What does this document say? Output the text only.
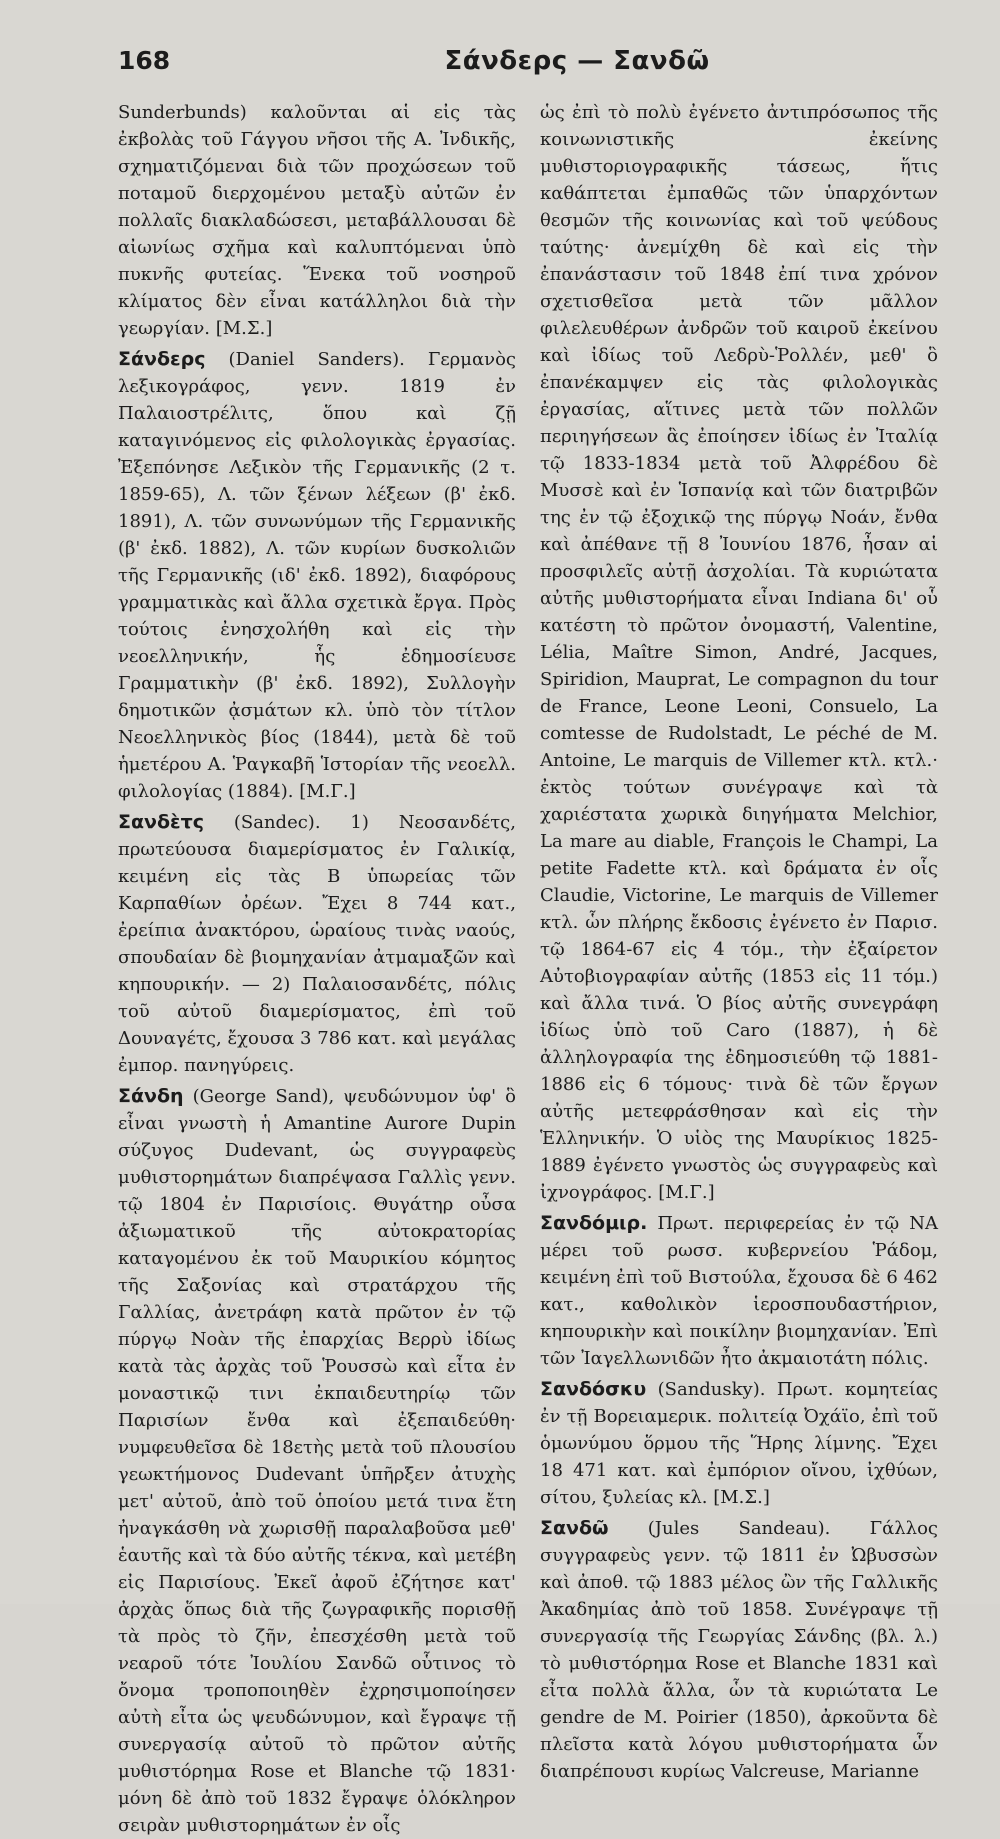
168	Σάνδερς — Σανδῶ

Sunderbunds) καλοῦνται αἱ εἰς τὰς ἐκβολὰς τοῦ Γάγγου νῆσοι τῆς Α. Ἰνδικῆς, σχηματιζόμεναι διὰ τῶν προχώσεων τοῦ ποταμοῦ διερχομένου μεταξὺ αὐτῶν ἐν πολλαῖς διακλαδώσεσι, μεταβάλλουσαι δὲ αἰωνίως σχῆμα καὶ καλυπτόμεναι ὑπὸ πυκνῆς φυτείας. Ἕνεκα τοῦ νοσηροῦ κλίματος δὲν εἶναι κατάλληλοι διὰ τὴν γεωργίαν. [Μ.Σ.]

Σάνδερς (Daniel Sanders). Γερμανὸς λεξικογράφος, γενν. 1819 ἐν Παλαιοστρέλιτς, ὅπου καὶ ζῇ καταγινόμενος εἰς φιλολογικὰς ἐργασίας. Ἐξεπόνησε Λεξικὸν τῆς Γερμανικῆς (2 τ. 1859-65), Λ. τῶν ξένων λέξεων (β' ἐκδ. 1891), Λ. τῶν συνωνύμων τῆς Γερμανικῆς (β' ἐκδ. 1882), Λ. τῶν κυρίων δυσκολιῶν τῆς Γερμανικῆς (ιδ' ἐκδ. 1892), διαφόρους γραμματικὰς καὶ ἄλλα σχετικὰ ἔργα. Πρὸς τούτοις ἐνησχολήθη καὶ εἰς τὴν νεοελληνικήν, ἧς ἐδημοσίευσε Γραμματικὴν (β' ἐκδ. 1892), Συλλογὴν δημοτικῶν ᾀσμάτων κλ. ὑπὸ τὸν τίτλον Νεοελληνικὸς βίος (1844), μετὰ δὲ τοῦ ἡμετέρου Α. Ῥαγκαβῆ Ἱστορίαν τῆς νεοελλ. φιλολογίας (1884). [Μ.Γ.]

Σανδὲτς (Sandec). 1) Νεοσανδέτς, πρωτεύουσα διαμερίσματος ἐν Γαλικίᾳ, κειμένη εἰς τὰς Β ὑπωρείας τῶν Καρπαθίων ὀρέων. Ἔχει 8 744 κατ., ἐρείπια ἀνακτόρου, ὡραίους τινὰς ναούς, σπουδαίαν δὲ βιομηχανίαν ἀτμαμαξῶν καὶ κηπουρικήν. — 2) Παλαιοσανδέτς, πόλις τοῦ αὐτοῦ διαμερίσματος, ἐπὶ τοῦ Δουναγέτς, ἔχουσα 3 786 κατ. καὶ μεγάλας ἐμπορ. πανηγύρεις.

Σάνδη (George Sand), ψευδώνυμον ὑφ' ὃ εἶναι γνωστὴ ἡ Amantine Aurore Dupin σύζυγος Dudevant, ὡς συγγραφεὺς μυθιστορημάτων διαπρέψασα Γαλλὶς γενν. τῷ 1804 ἐν Παρισίοις. Θυγάτηρ οὖσα ἀξιωματικοῦ τῆς αὐτοκρατορίας καταγομένου ἐκ τοῦ Μαυρικίου κόμητος τῆς Σαξονίας καὶ στρατάρχου τῆς Γαλλίας, ἀνετράφη κατὰ πρῶτον ἐν τῷ πύργῳ Νοὰν τῆς ἐπαρχίας Βερρὺ ἰδίως κατὰ τὰς ἀρχὰς τοῦ Ῥουσσὼ καὶ εἶτα ἐν μοναστικῷ τινι ἐκπαιδευτηρίῳ τῶν Παρισίων ἔνθα καὶ ἐξεπαιδεύθη· νυμφευθεῖσα δὲ 18ετὴς μετὰ τοῦ πλουσίου γεωκτήμονος Dudevant ὑπῆρξεν ἀτυχὴς μετ' αὐτοῦ, ἀπὸ τοῦ ὁποίου μετά τινα ἔτη ἠναγκάσθη νὰ χωρισθῇ παραλαβοῦσα μεθ' ἑαυτῆς καὶ τὰ δύο αὐτῆς τέκνα, καὶ μετέβη εἰς Παρισίους. Ἐκεῖ ἀφοῦ ἐζήτησε κατ' ἀρχὰς ὅπως διὰ τῆς ζωγραφικῆς πορισθῇ τὰ πρὸς τὸ ζῆν, ἐπεσχέσθη μετὰ τοῦ νεαροῦ τότε Ἰουλίου Σανδῶ οὗτινος τὸ ὄνομα τροποποιηθὲν ἐχρησιμοποίησεν αὐτὴ εἶτα ὡς ψευδώνυμον, καὶ ἔγραψε τῇ συνεργασίᾳ αὐτοῦ τὸ πρῶτον αὐτῆς μυθιστόρημα Rose et Blanche τῷ 1831· μόνη δὲ ἀπὸ τοῦ 1832 ἔγραψε ὁλόκληρον σειρὰν μυθιστορημάτων ἐν οἷς

ὡς ἐπὶ τὸ πολὺ ἐγένετο ἀντιπρόσωπος τῆς κοινωνιστικῆς ἐκείνης μυθιστοριογραφικῆς τάσεως, ἥτις καθάπτεται ἐμπαθῶς τῶν ὑπαρχόντων θεσμῶν τῆς κοινωνίας καὶ τοῦ ψεύδους ταύτης· ἀνεμίχθη δὲ καὶ εἰς τὴν ἐπανάστασιν τοῦ 1848 ἐπί τινα χρόνον σχετισθεῖσα μετὰ τῶν μᾶλλον φιλελευθέρων ἀνδρῶν τοῦ καιροῦ ἐκείνου καὶ ἰδίως τοῦ Λεδρὺ-Ῥολλέν, μεθ' ὃ ἐπανέκαμψεν εἰς τὰς φιλολογικὰς ἐργασίας, αἵτινες μετὰ τῶν πολλῶν περιηγήσεων ἃς ἐποίησεν ἰδίως ἐν Ἰταλίᾳ τῷ 1833-1834 μετὰ τοῦ Ἀλφρέδου δὲ Μυσσὲ καὶ ἐν Ἱσπανίᾳ καὶ τῶν διατριβῶν της ἐν τῷ ἐξοχικῷ της πύργῳ Νοάν, ἔνθα καὶ ἀπέθανε τῇ 8 Ἰουνίου 1876, ἦσαν αἱ προσφιλεῖς αὐτῇ ἀσχολίαι. Τὰ κυριώτατα αὐτῆς μυθιστορήματα εἶναι Indiana δι' οὗ κατέστη τὸ πρῶτον ὀνομαστή, Valentine, Lélia, Maître Simon, André, Jacques, Spiridion, Mauprat, Le compagnon du tour de France, Leone Leoni, Consuelo, La comtesse de Rudolstadt, Le péché de M. Antoine, Le marquis de Villemer κτλ. κτλ.· ἐκτὸς τούτων συνέγραψε καὶ τὰ χαριέστατα χωρικὰ διηγήματα Melchior, La mare au diable, François le Champi, La petite Fadette κτλ. καὶ δράματα ἐν οἷς Claudie, Victorine, Le marquis de Villemer κτλ. ὧν πλήρης ἔκδοσις ἐγένετο ἐν Παρισ. τῷ 1864-67 εἰς 4 τόμ., τὴν ἐξαίρετον Αὐτοβιογραφίαν αὐτῆς (1853 εἰς 11 τόμ.) καὶ ἄλλα τινά. Ὁ βίος αὐτῆς συνεγράφη ἰδίως ὑπὸ τοῦ Caro (1887), ἡ δὲ ἀλληλογραφία της ἐδημοσιεύθη τῷ 1881-1886 εἰς 6 τόμους· τινὰ δὲ τῶν ἔργων αὐτῆς μετεφράσθησαν καὶ εἰς τὴν Ἑλληνικήν. Ὁ υἱὸς της Μαυρίκιος 1825-1889 ἐγένετο γνωστὸς ὡς συγγραφεὺς καὶ ἰχνογράφος. [Μ.Γ.]

Σανδόμιρ. Πρωτ. περιφερείας ἐν τῷ ΝΑ μέρει τοῦ ρωσσ. κυβερνείου Ῥάδομ, κειμένη ἐπὶ τοῦ Βιστούλα, ἔχουσα δὲ 6 462 κατ., καθολικὸν ἱεροσπουδαστήριον, κηπουρικὴν καὶ ποικίλην βιομηχανίαν. Ἐπὶ τῶν Ἰαγελλωνιδῶν ἦτο ἀκμαιοτάτη πόλις.

Σανδόσκυ (Sandusky). Πρωτ. κομητείας ἐν τῇ Βορειαμερικ. πολιτείᾳ Ὀχάϊο, ἐπὶ τοῦ ὁμωνύμου ὅρμου τῆς Ἥρης λίμνης. Ἔχει 18 471 κατ. καὶ ἐμπόριον οἴνου, ἰχθύων, σίτου, ξυλείας κλ. [Μ.Σ.]

Σανδῶ (Jules Sandeau). Γάλλος συγγραφεὺς γενν. τῷ 1811 ἐν Ὠβυσσὼν καὶ ἀποθ. τῷ 1883 μέλος ὢν τῆς Γαλλικῆς Ἀκαδημίας ἀπὸ τοῦ 1858. Συνέγραψε τῇ συνεργασίᾳ τῆς Γεωργίας Σάνδης (βλ. λ.) τὸ μυθιστόρημα Rose et Blanche 1831 καὶ εἶτα πολλὰ ἄλλα, ὧν τὰ κυριώτατα Le gendre de M. Poirier (1850), ἀρκοῦντα δὲ πλεῖστα κατὰ λόγου μυθιστορήματα ὧν διαπρέπουσι κυρίως Valcreuse, Marianne
